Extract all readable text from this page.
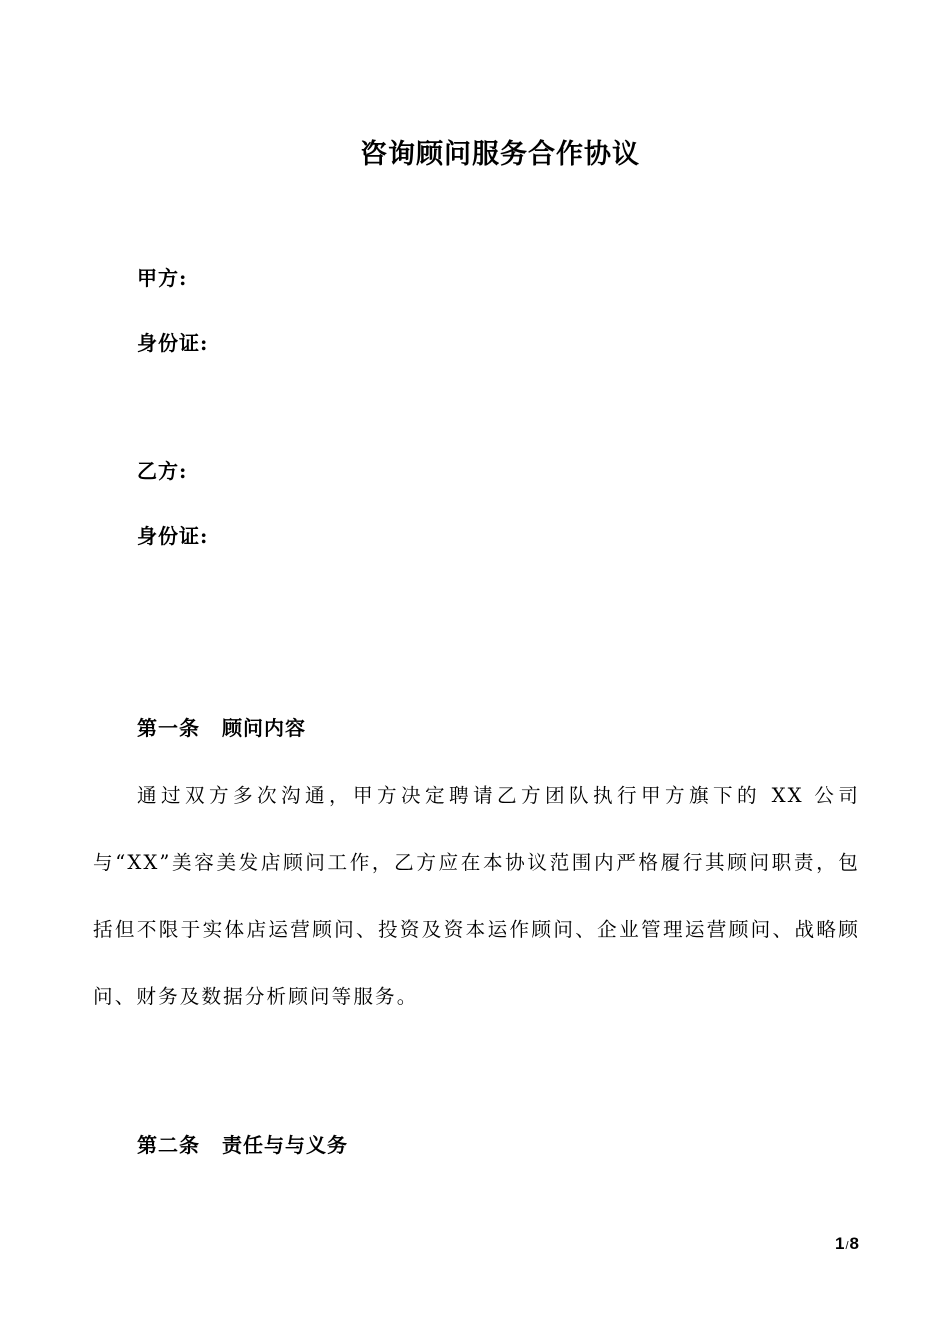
咨询顾问服务合作协议
甲方:
身份证:
乙方:
身份证:
第一条 顾问内容
通过双方多次沟通，甲方决定聘请乙方团队执行甲方旗下的 XX 公司与“XX”美容美发店顾问工作，乙方应在本协议范围内严格履行其顾问职责，包括但不限于实体店运营顾问、投资及资本运作顾问、企业管理运营顾问、战略顾问、财务及数据分析顾问等服务。
第二条 责任与与义务
1/8
